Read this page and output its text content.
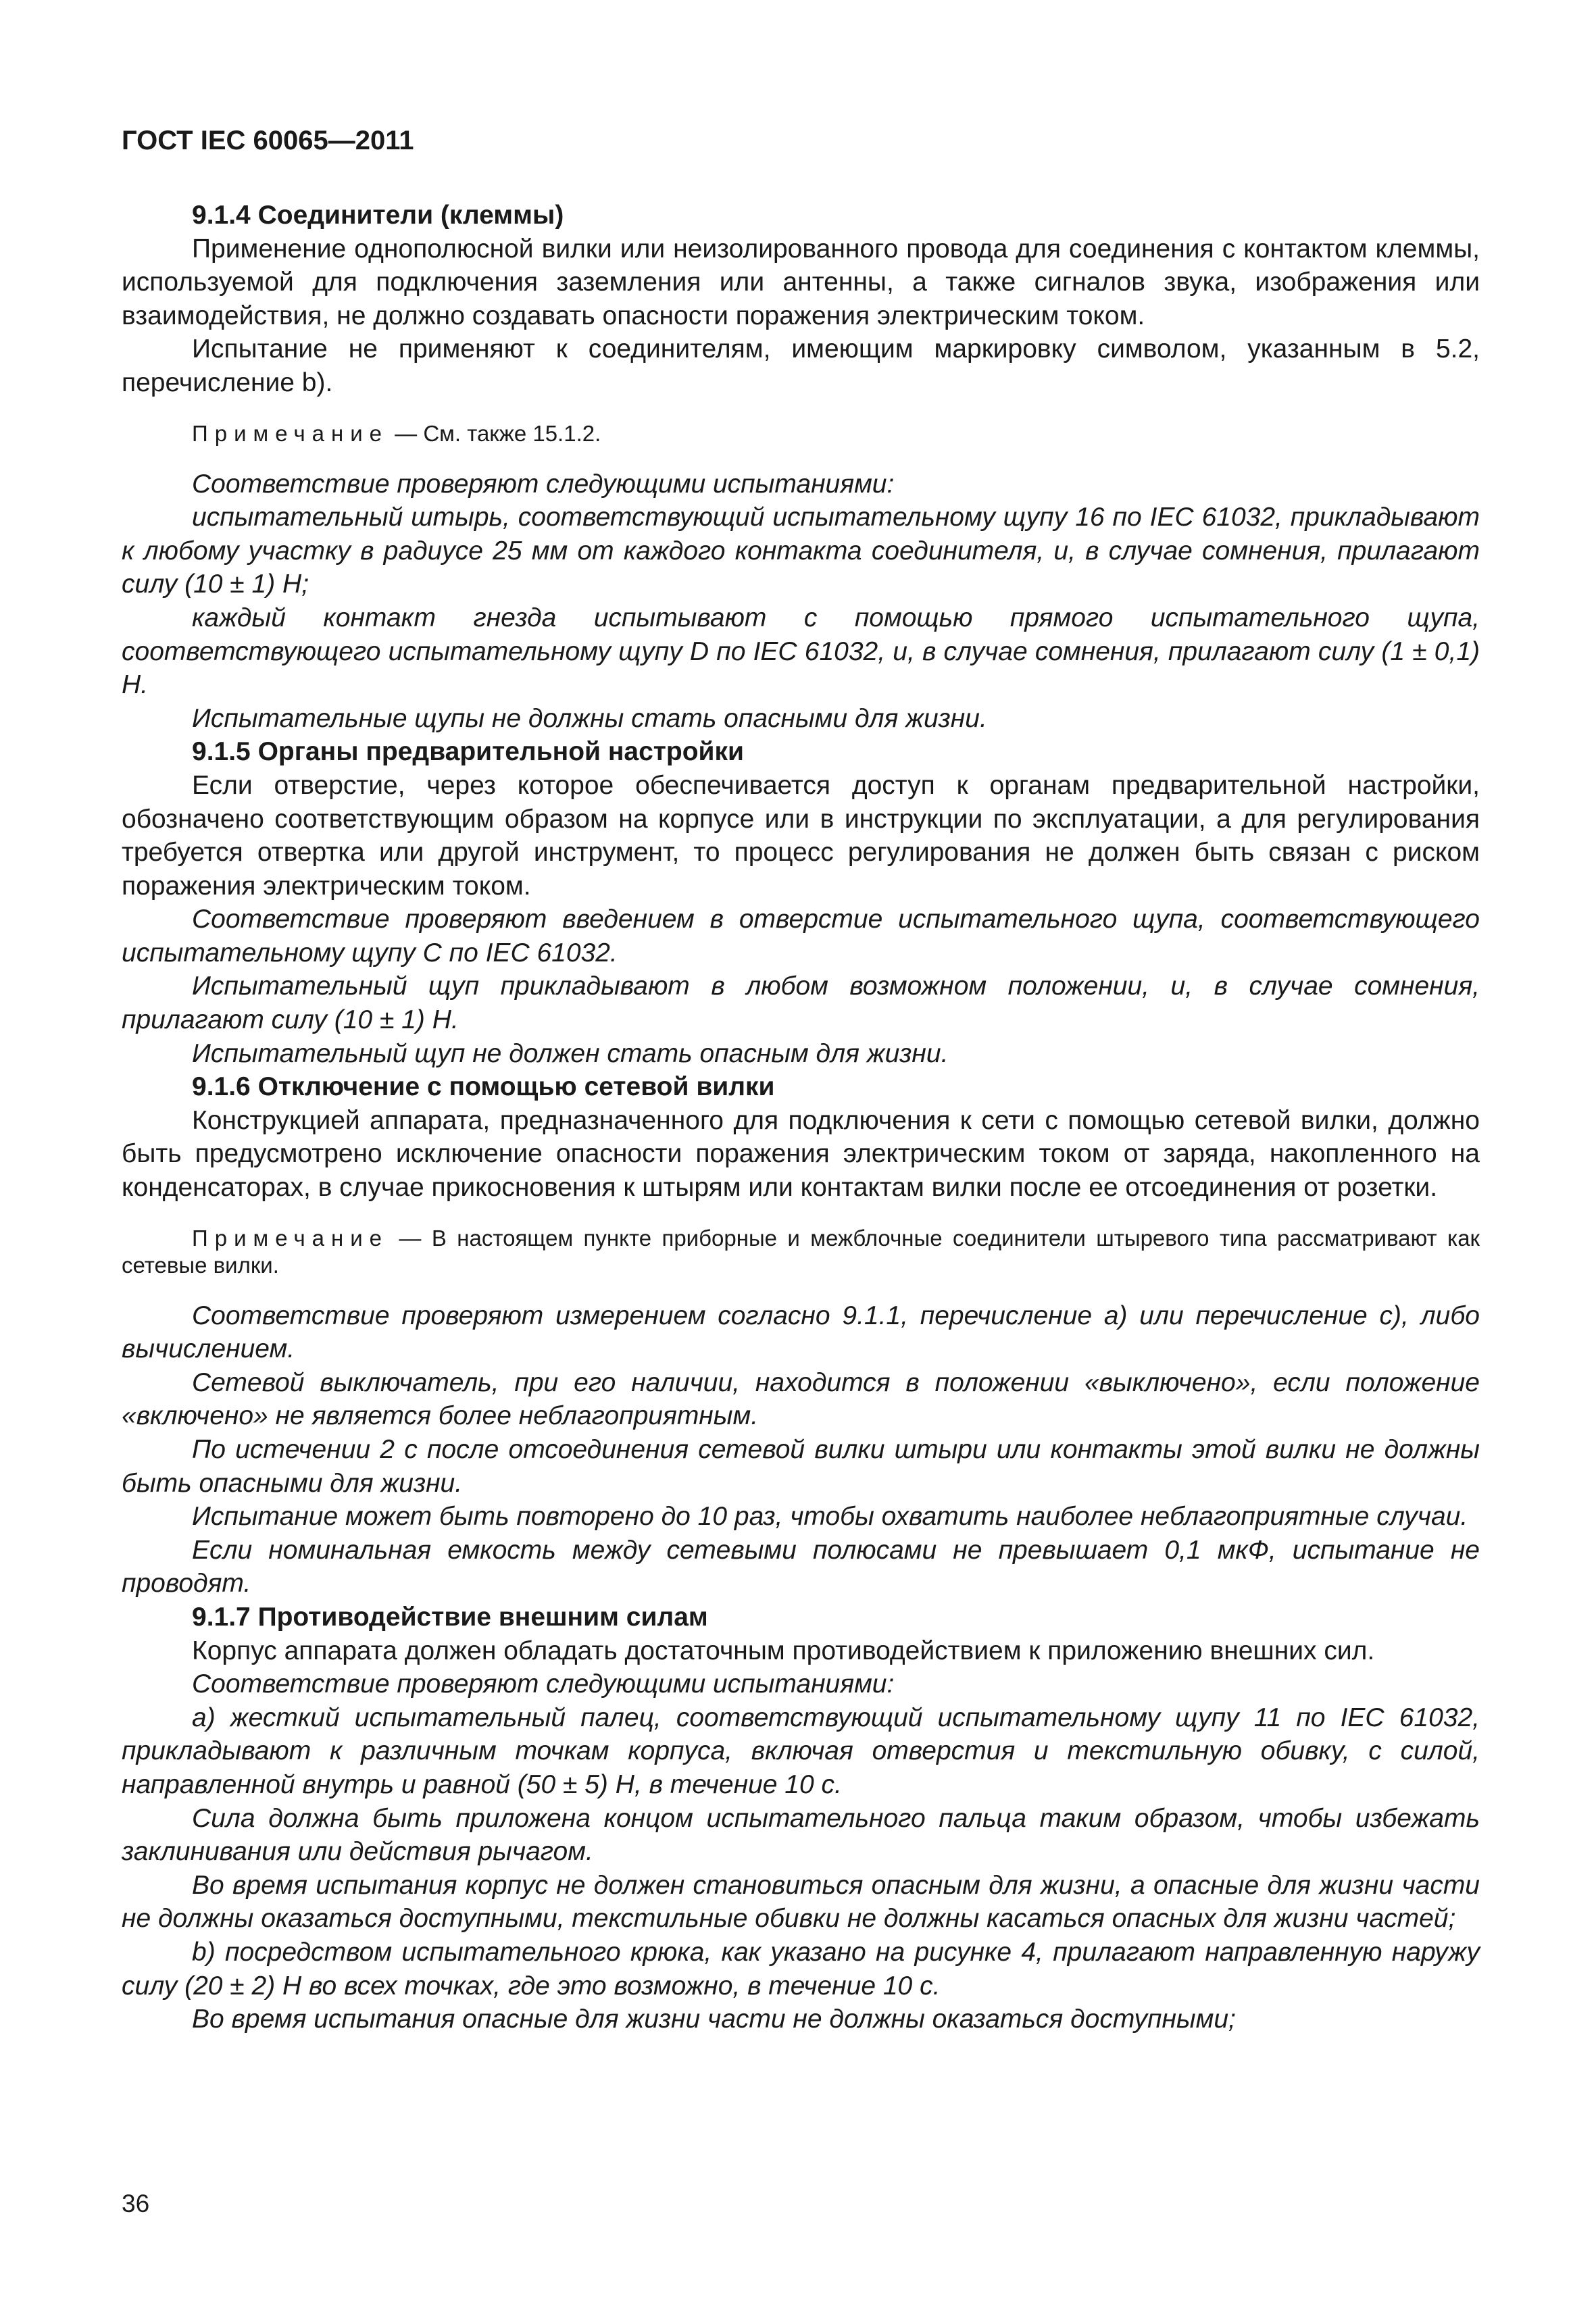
ГОСТ IEC 60065—2011

9.1.4 Соединители (клеммы)

Применение однополюсной вилки или неизолированного провода для соединения с контактом клеммы, используемой для подключения заземления или антенны, а также сигналов звука, изображения или взаимодействия, не должно создавать опасности поражения электрическим током.

Испытание не применяют к соединителям, имеющим маркировку символом, указанным в 5.2, перечисление b).

Примечание — См. также 15.1.2.

Соответствие проверяют следующими испытаниями:

испытательный штырь, соответствующий испытательному щупу 16 по IEC 61032, прикладывают к любому участку в радиусе 25 мм от каждого контакта соединителя, и, в случае сомнения, прилагают силу (10 ± 1) Н;

каждый контакт гнезда испытывают с помощью прямого испытательного щупа, соответствующего испытательному щупу D по IEC 61032, и, в случае сомнения, прилагают силу (1 ± 0,1) Н.

Испытательные щупы не должны стать опасными для жизни.

9.1.5 Органы предварительной настройки

Если отверстие, через которое обеспечивается доступ к органам предварительной настройки, обозначено соответствующим образом на корпусе или в инструкции по эксплуатации, а для регулирования требуется отвертка или другой инструмент, то процесс регулирования не должен быть связан с риском поражения электрическим током.

Соответствие проверяют введением в отверстие испытательного щупа, соответствующего испытательному щупу С по IEC 61032.

Испытательный щуп прикладывают в любом возможном положении, и, в случае сомнения, прилагают силу (10 ± 1) Н.

Испытательный щуп не должен стать опасным для жизни.

9.1.6 Отключение с помощью сетевой вилки

Конструкцией аппарата, предназначенного для подключения к сети с помощью сетевой вилки, должно быть предусмотрено исключение опасности поражения электрическим током от заряда, накопленного на конденсаторах, в случае прикосновения к штырям или контактам вилки после ее отсоединения от розетки.

Примечание — В настоящем пункте приборные и межблочные соединители штыревого типа рассматривают как сетевые вилки.

Соответствие проверяют измерением согласно 9.1.1, перечисление а) или перечисление с), либо вычислением.

Сетевой выключатель, при его наличии, находится в положении «выключено», если положение «включено» не является более неблагоприятным.

По истечении 2 с после отсоединения сетевой вилки штыри или контакты этой вилки не должны быть опасными для жизни.

Испытание может быть повторено до 10 раз, чтобы охватить наиболее неблагоприятные случаи.

Если номинальная емкость между сетевыми полюсами не превышает 0,1 мкФ, испытание не проводят.

9.1.7 Противодействие внешним силам

Корпус аппарата должен обладать достаточным противодействием к приложению внешних сил.

Соответствие проверяют следующими испытаниями:

а) жесткий испытательный палец, соответствующий испытательному щупу 11 по IEC 61032, прикладывают к различным точкам корпуса, включая отверстия и текстильную обивку, с силой, направленной внутрь и равной (50 ± 5) Н, в течение 10 с.

Сила должна быть приложена концом испытательного пальца таким образом, чтобы избежать заклинивания или действия рычагом.

Во время испытания корпус не должен становиться опасным для жизни, а опасные для жизни части не должны оказаться доступными, текстильные обивки не должны касаться опасных для жизни частей;

b) посредством испытательного крюка, как указано на рисунке 4, прилагают направленную наружу силу (20 ± 2) Н во всех точках, где это возможно, в течение 10 с.

Во время испытания опасные для жизни части не должны оказаться доступными;

36
